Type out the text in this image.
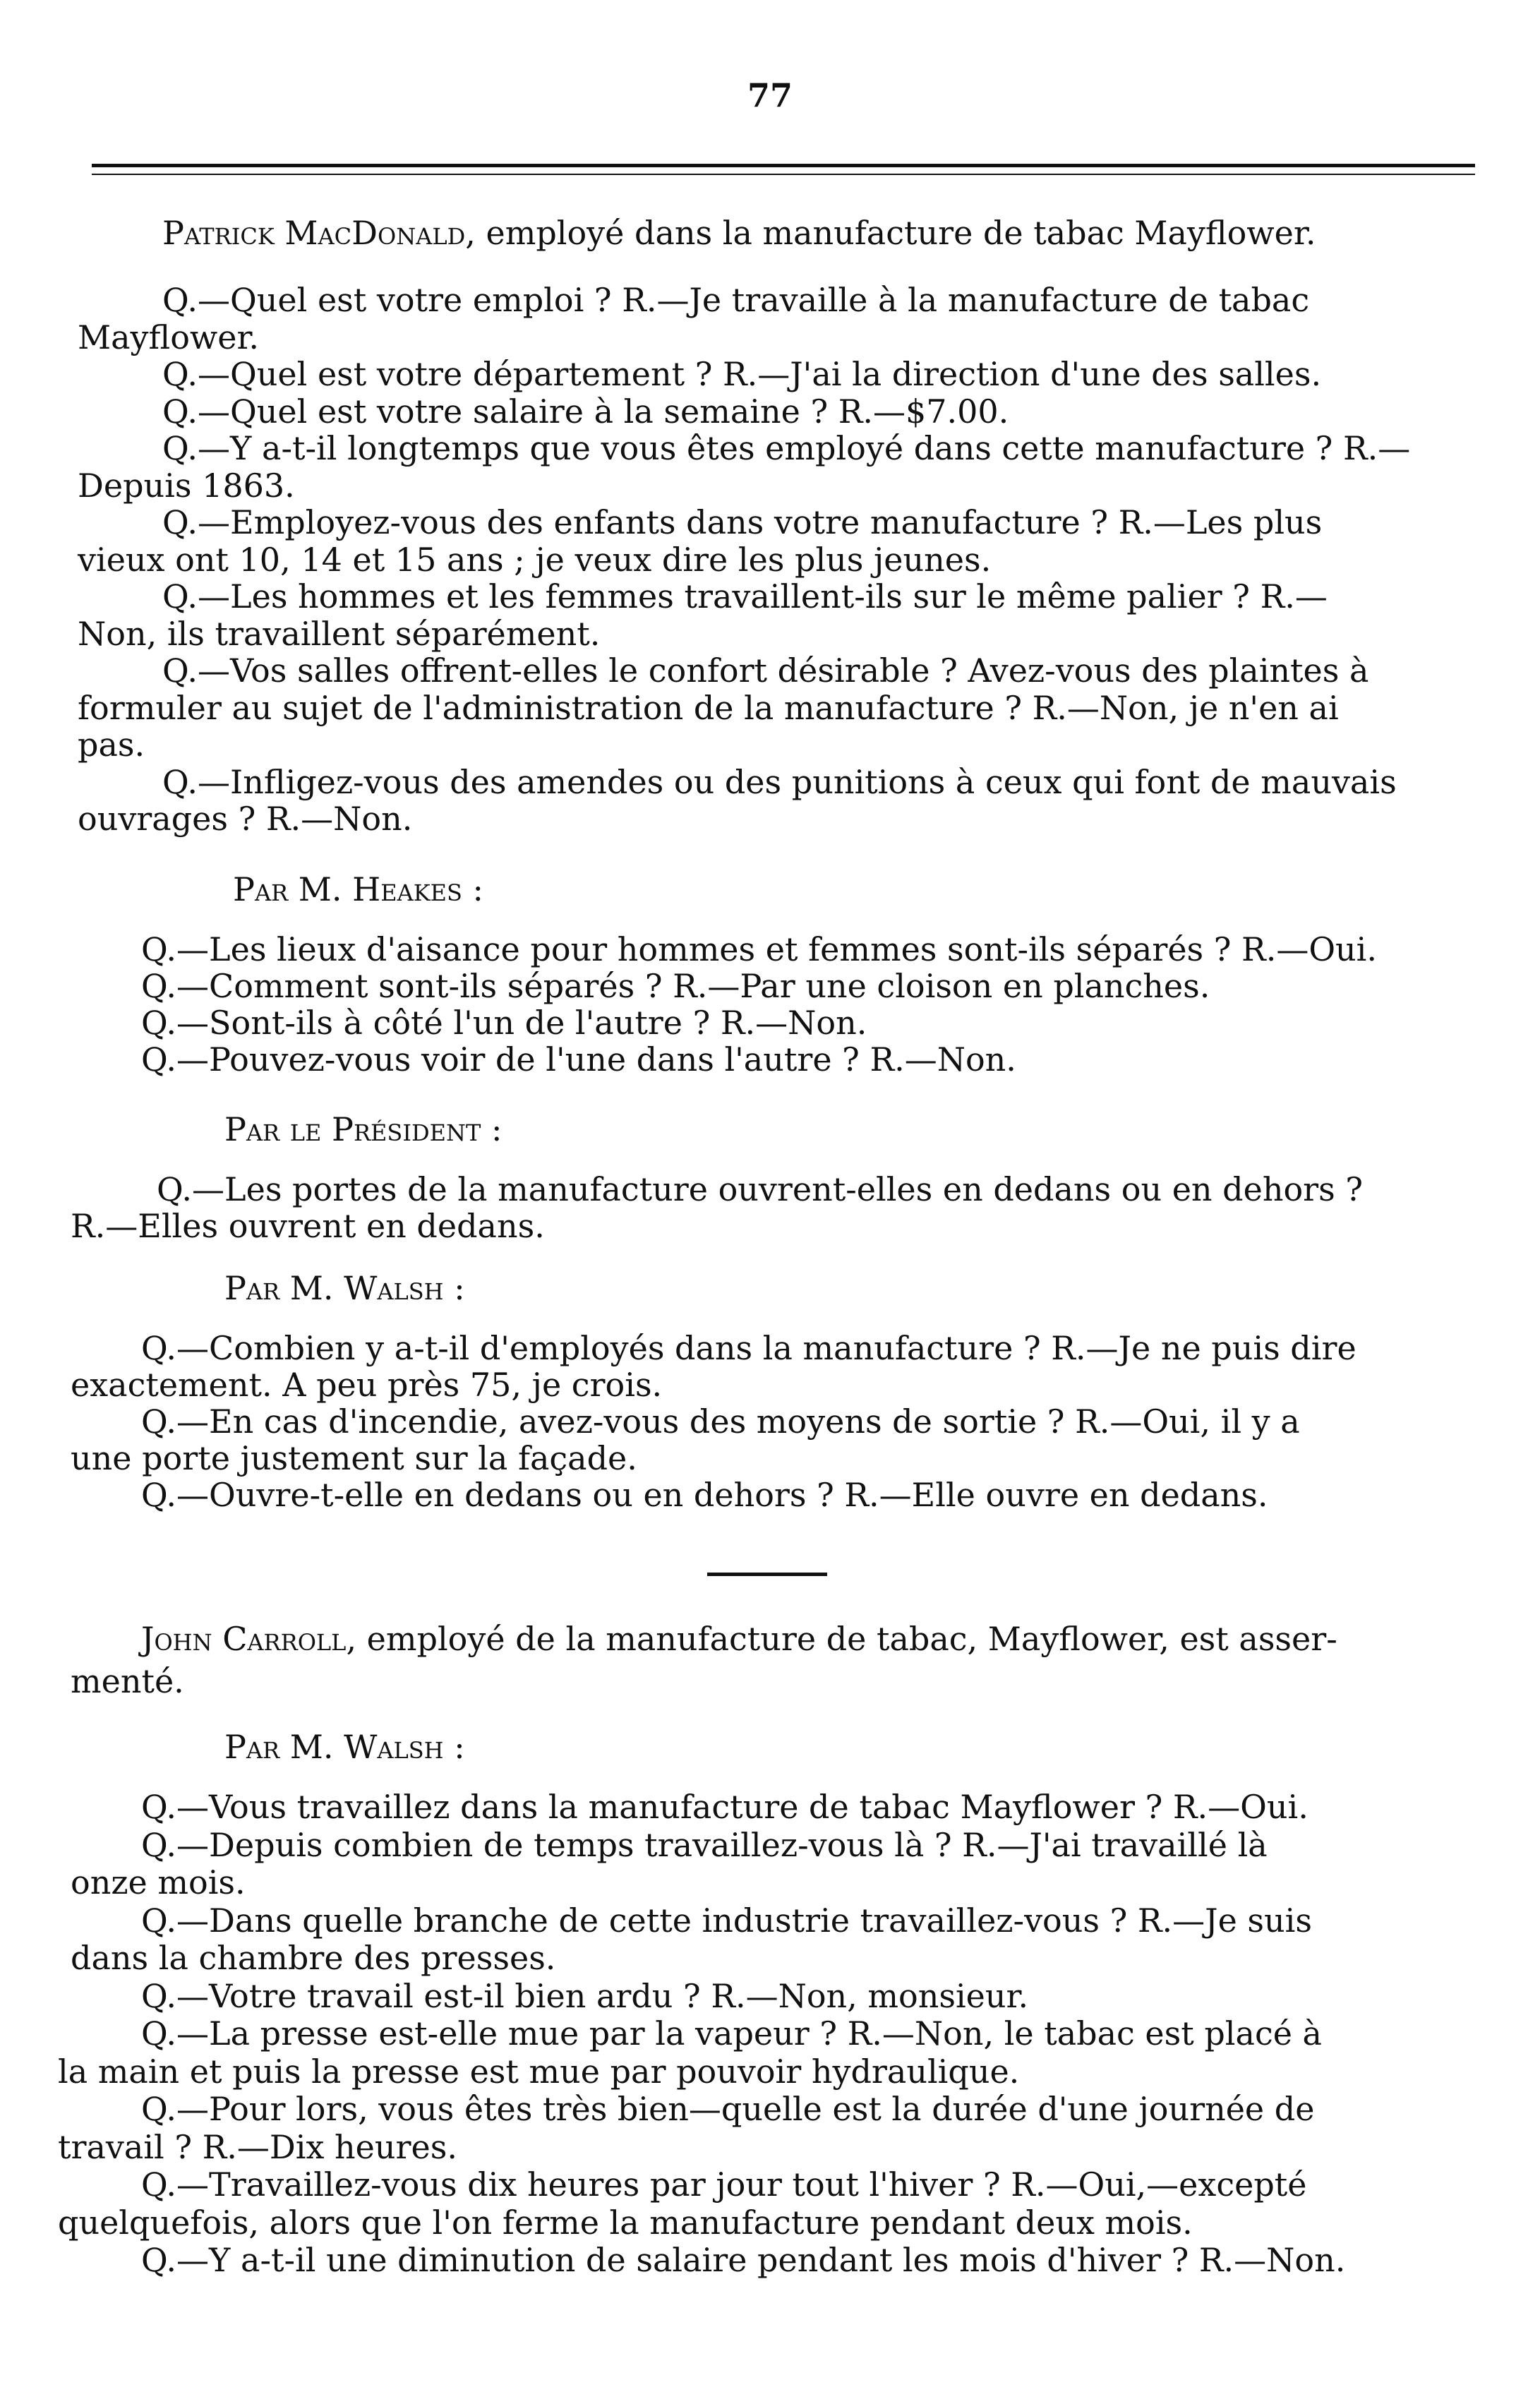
77
Patrick MacDonald, employé dans la manufacture de tabac Mayflower.
Q.—Quel est votre emploi ? R.—Je travaille à la manufacture de tabac
Mayflower.
Q.—Quel est votre département ? R.—J'ai la direction d'une des salles.
Q.—Quel est votre salaire à la semaine ? R.—$7.00.
Q.—Y a-t-il longtemps que vous êtes employé dans cette manufacture ? R.—
Depuis 1863.
Q.—Employez-vous des enfants dans votre manufacture ? R.—Les plus
vieux ont 10, 14 et 15 ans ; je veux dire les plus jeunes.
Q.—Les hommes et les femmes travaillent-ils sur le même palier ? R.—
Non, ils travaillent séparément.
Q.—Vos salles offrent-elles le confort désirable ? Avez-vous des plaintes à
formuler au sujet de l'administration de la manufacture ? R.—Non, je n'en ai
pas.
Q.—Infligez-vous des amendes ou des punitions à ceux qui font de mauvais
ouvrages ? R.—Non.
Par M. Heakes :
Q.—Les lieux d'aisance pour hommes et femmes sont-ils séparés ? R.—Oui.
Q.—Comment sont-ils séparés ? R.—Par une cloison en planches.
Q.—Sont-ils à côté l'un de l'autre ? R.—Non.
Q.—Pouvez-vous voir de l'une dans l'autre ? R.—Non.
Par le Président :
Q.—Les portes de la manufacture ouvrent-elles en dedans ou en dehors ?
R.—Elles ouvrent en dedans.
Par M. Walsh :
Q.—Combien y a-t-il d'employés dans la manufacture ? R.—Je ne puis dire
exactement. A peu près 75, je crois.
Q.—En cas d'incendie, avez-vous des moyens de sortie ? R.—Oui, il y a
une porte justement sur la façade.
Q.—Ouvre-t-elle en dedans ou en dehors ? R.—Elle ouvre en dedans.
John Carroll, employé de la manufacture de tabac, Mayflower, est asser-
menté.
Par M. Walsh :
Q.—Vous travaillez dans la manufacture de tabac Mayflower ? R.—Oui.
Q.—Depuis combien de temps travaillez-vous là ? R.—J'ai travaillé là
onze mois.
Q.—Dans quelle branche de cette industrie travaillez-vous ? R.—Je suis
dans la chambre des presses.
Q.—Votre travail est-il bien ardu ? R.—Non, monsieur.
Q.—La presse est-elle mue par la vapeur ? R.—Non, le tabac est placé à
la main et puis la presse est mue par pouvoir hydraulique.
Q.—Pour lors, vous êtes très bien—quelle est la durée d'une journée de
travail ? R.—Dix heures.
Q.—Travaillez-vous dix heures par jour tout l'hiver ? R.—Oui,—excepté
quelquefois, alors que l'on ferme la manufacture pendant deux mois.
Q.—Y a-t-il une diminution de salaire pendant les mois d'hiver ? R.—Non.
